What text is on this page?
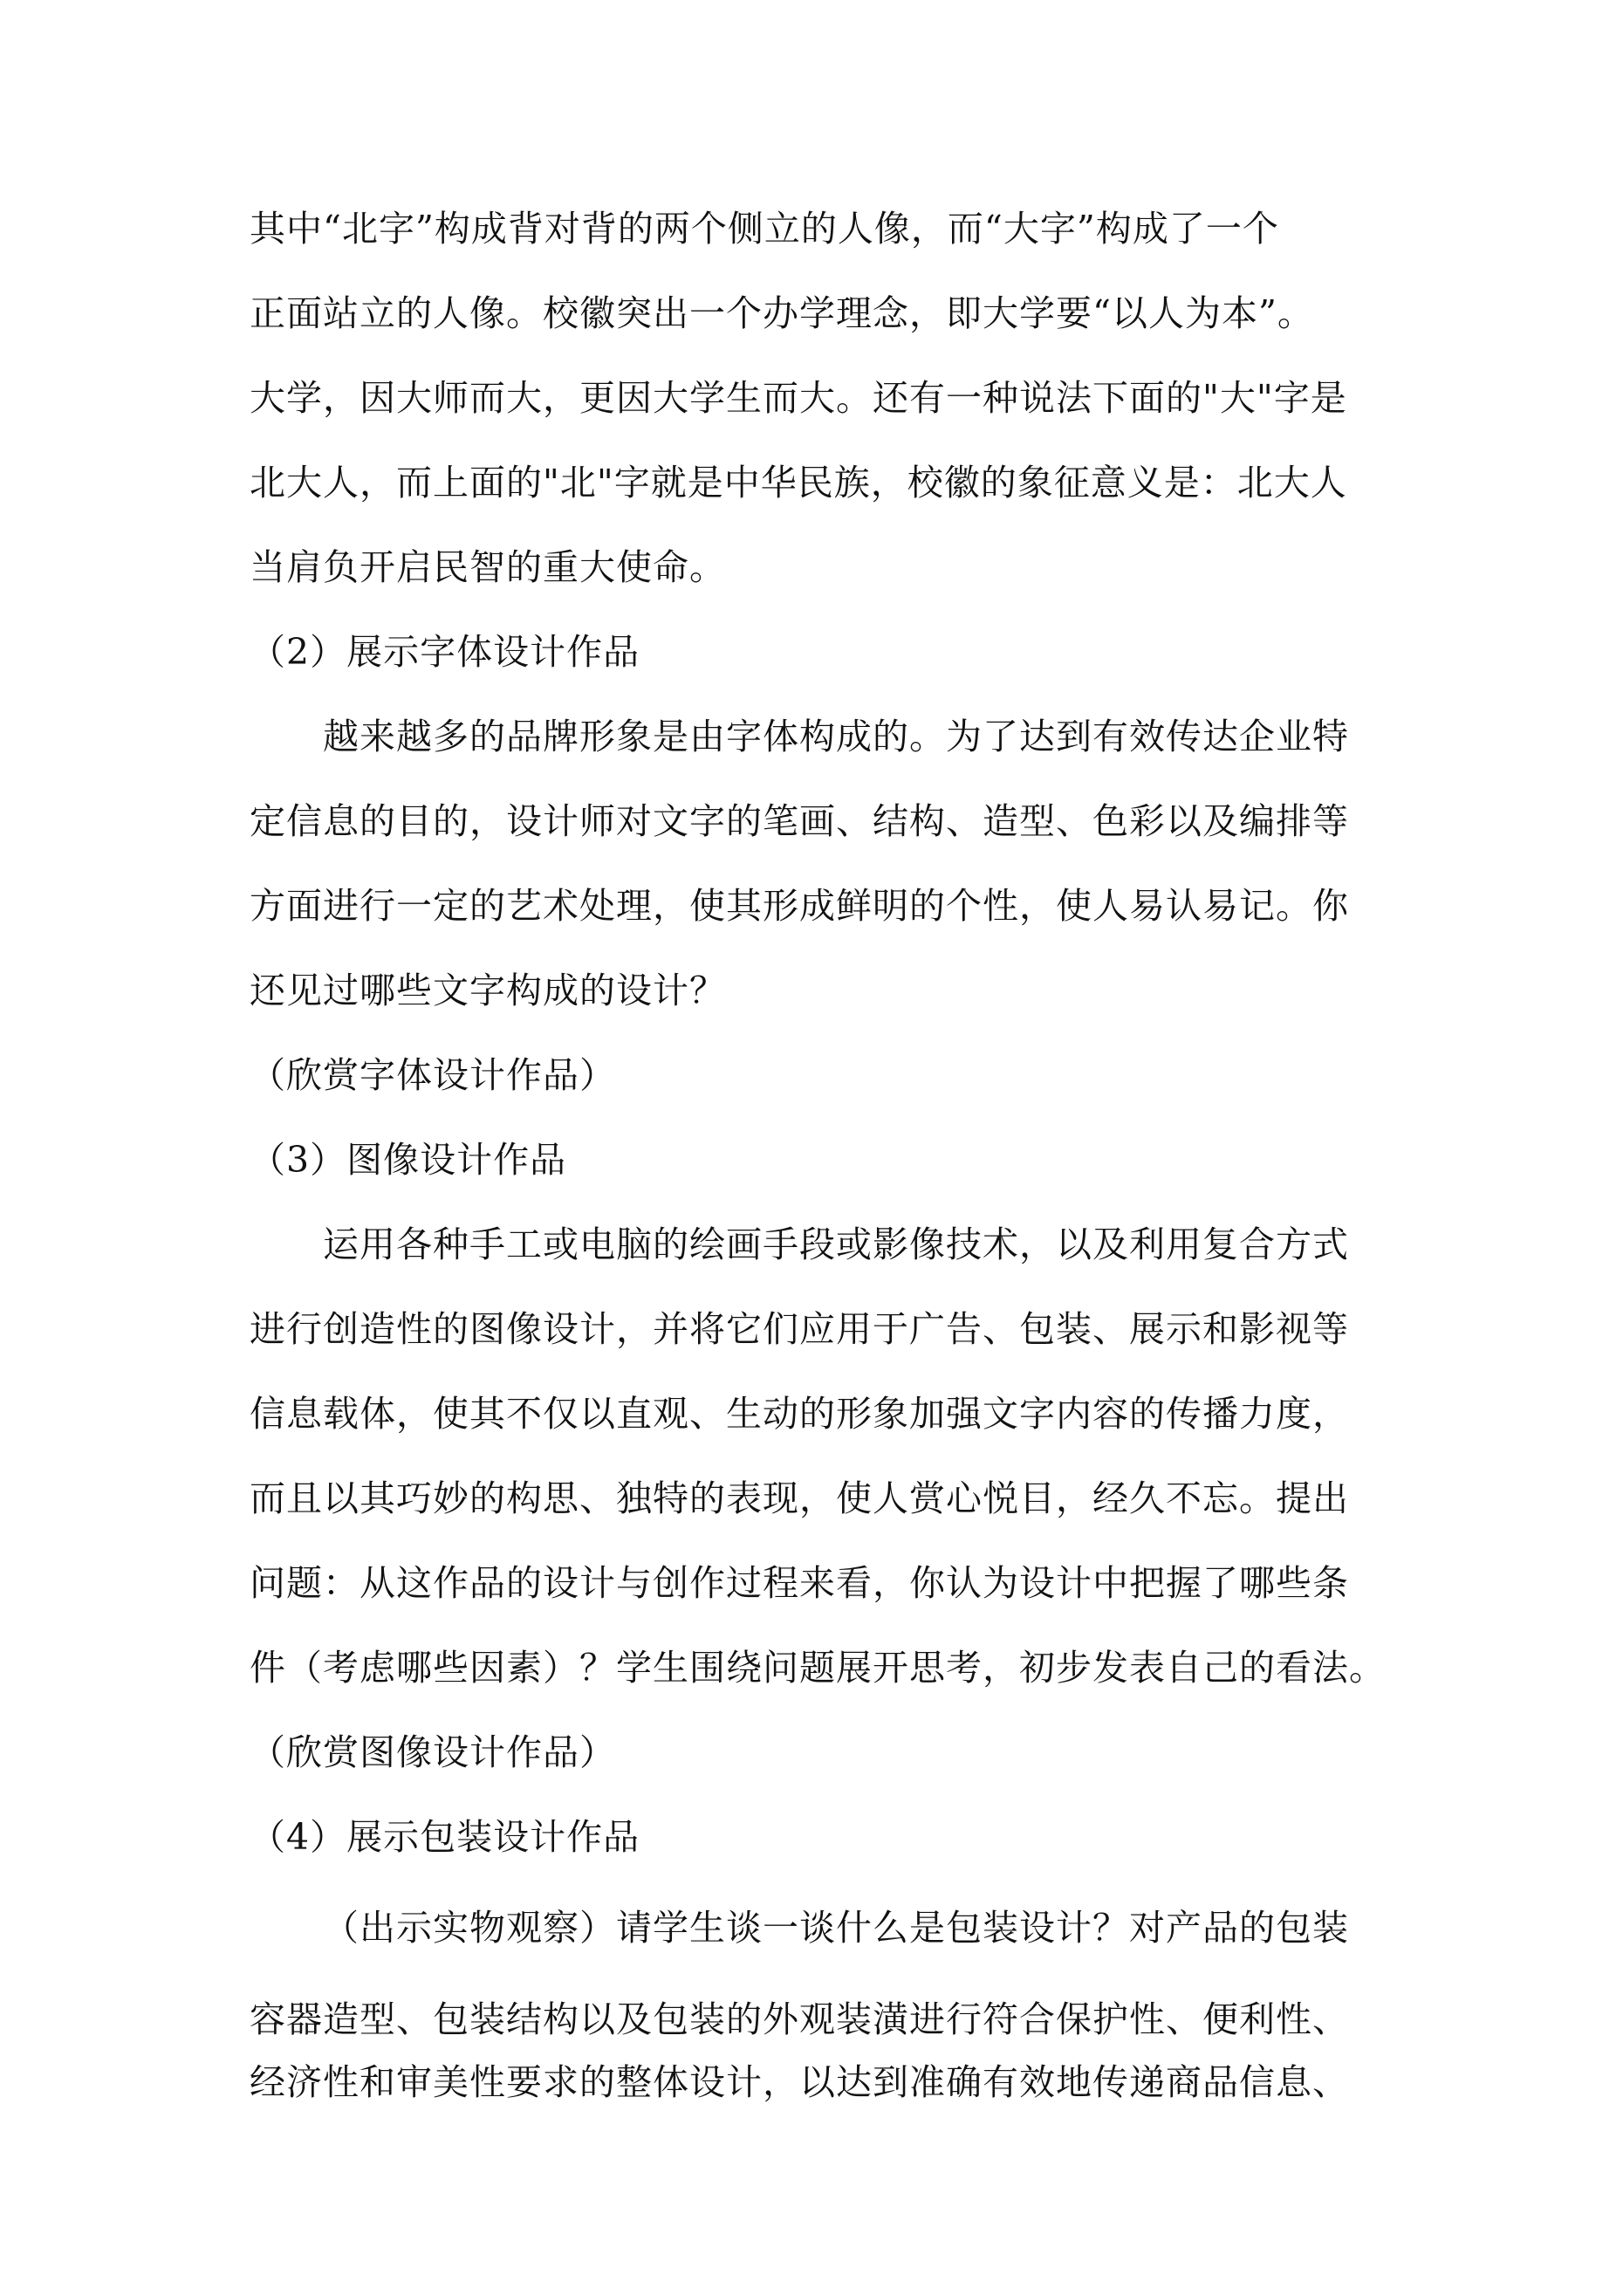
其中“北字”构成背对背的两个侧立的人像，而“大字”构成了一个
正面站立的人像。校徽突出一个办学理念，即大学要“以人为本”。
大学，因大师而大，更因大学生而大。还有一种说法下面的"大"字是
北大人，而上面的"北"字就是中华民族，校徽的象征意义是：北大人
当肩负开启民智的重大使命。
（2）展示字体设计作品
越来越多的品牌形象是由字体构成的。为了达到有效传达企业特
定信息的目的，设计师对文字的笔画、结构、造型、色彩以及编排等
方面进行一定的艺术处理，使其形成鲜明的个性，使人易认易记。你
还见过哪些文字构成的设计？
（欣赏字体设计作品）
（3）图像设计作品
运用各种手工或电脑的绘画手段或影像技术，以及利用复合方式
进行创造性的图像设计，并将它们应用于广告、包装、展示和影视等
信息载体，使其不仅以直观、生动的形象加强文字内容的传播力度，
而且以其巧妙的构思、独特的表现，使人赏心悦目，经久不忘。提出
问题：从这作品的设计与创作过程来看，你认为设计中把握了哪些条
件（考虑哪些因素）？学生围绕问题展开思考，初步发表自己的看法。
（欣赏图像设计作品）
（4）展示包装设计作品
（出示实物观察）请学生谈一谈什么是包装设计？对产品的包装
容器造型、包装结构以及包装的外观装潢进行符合保护性、便利性、
经济性和审美性要求的整体设计，以达到准确有效地传递商品信息、
